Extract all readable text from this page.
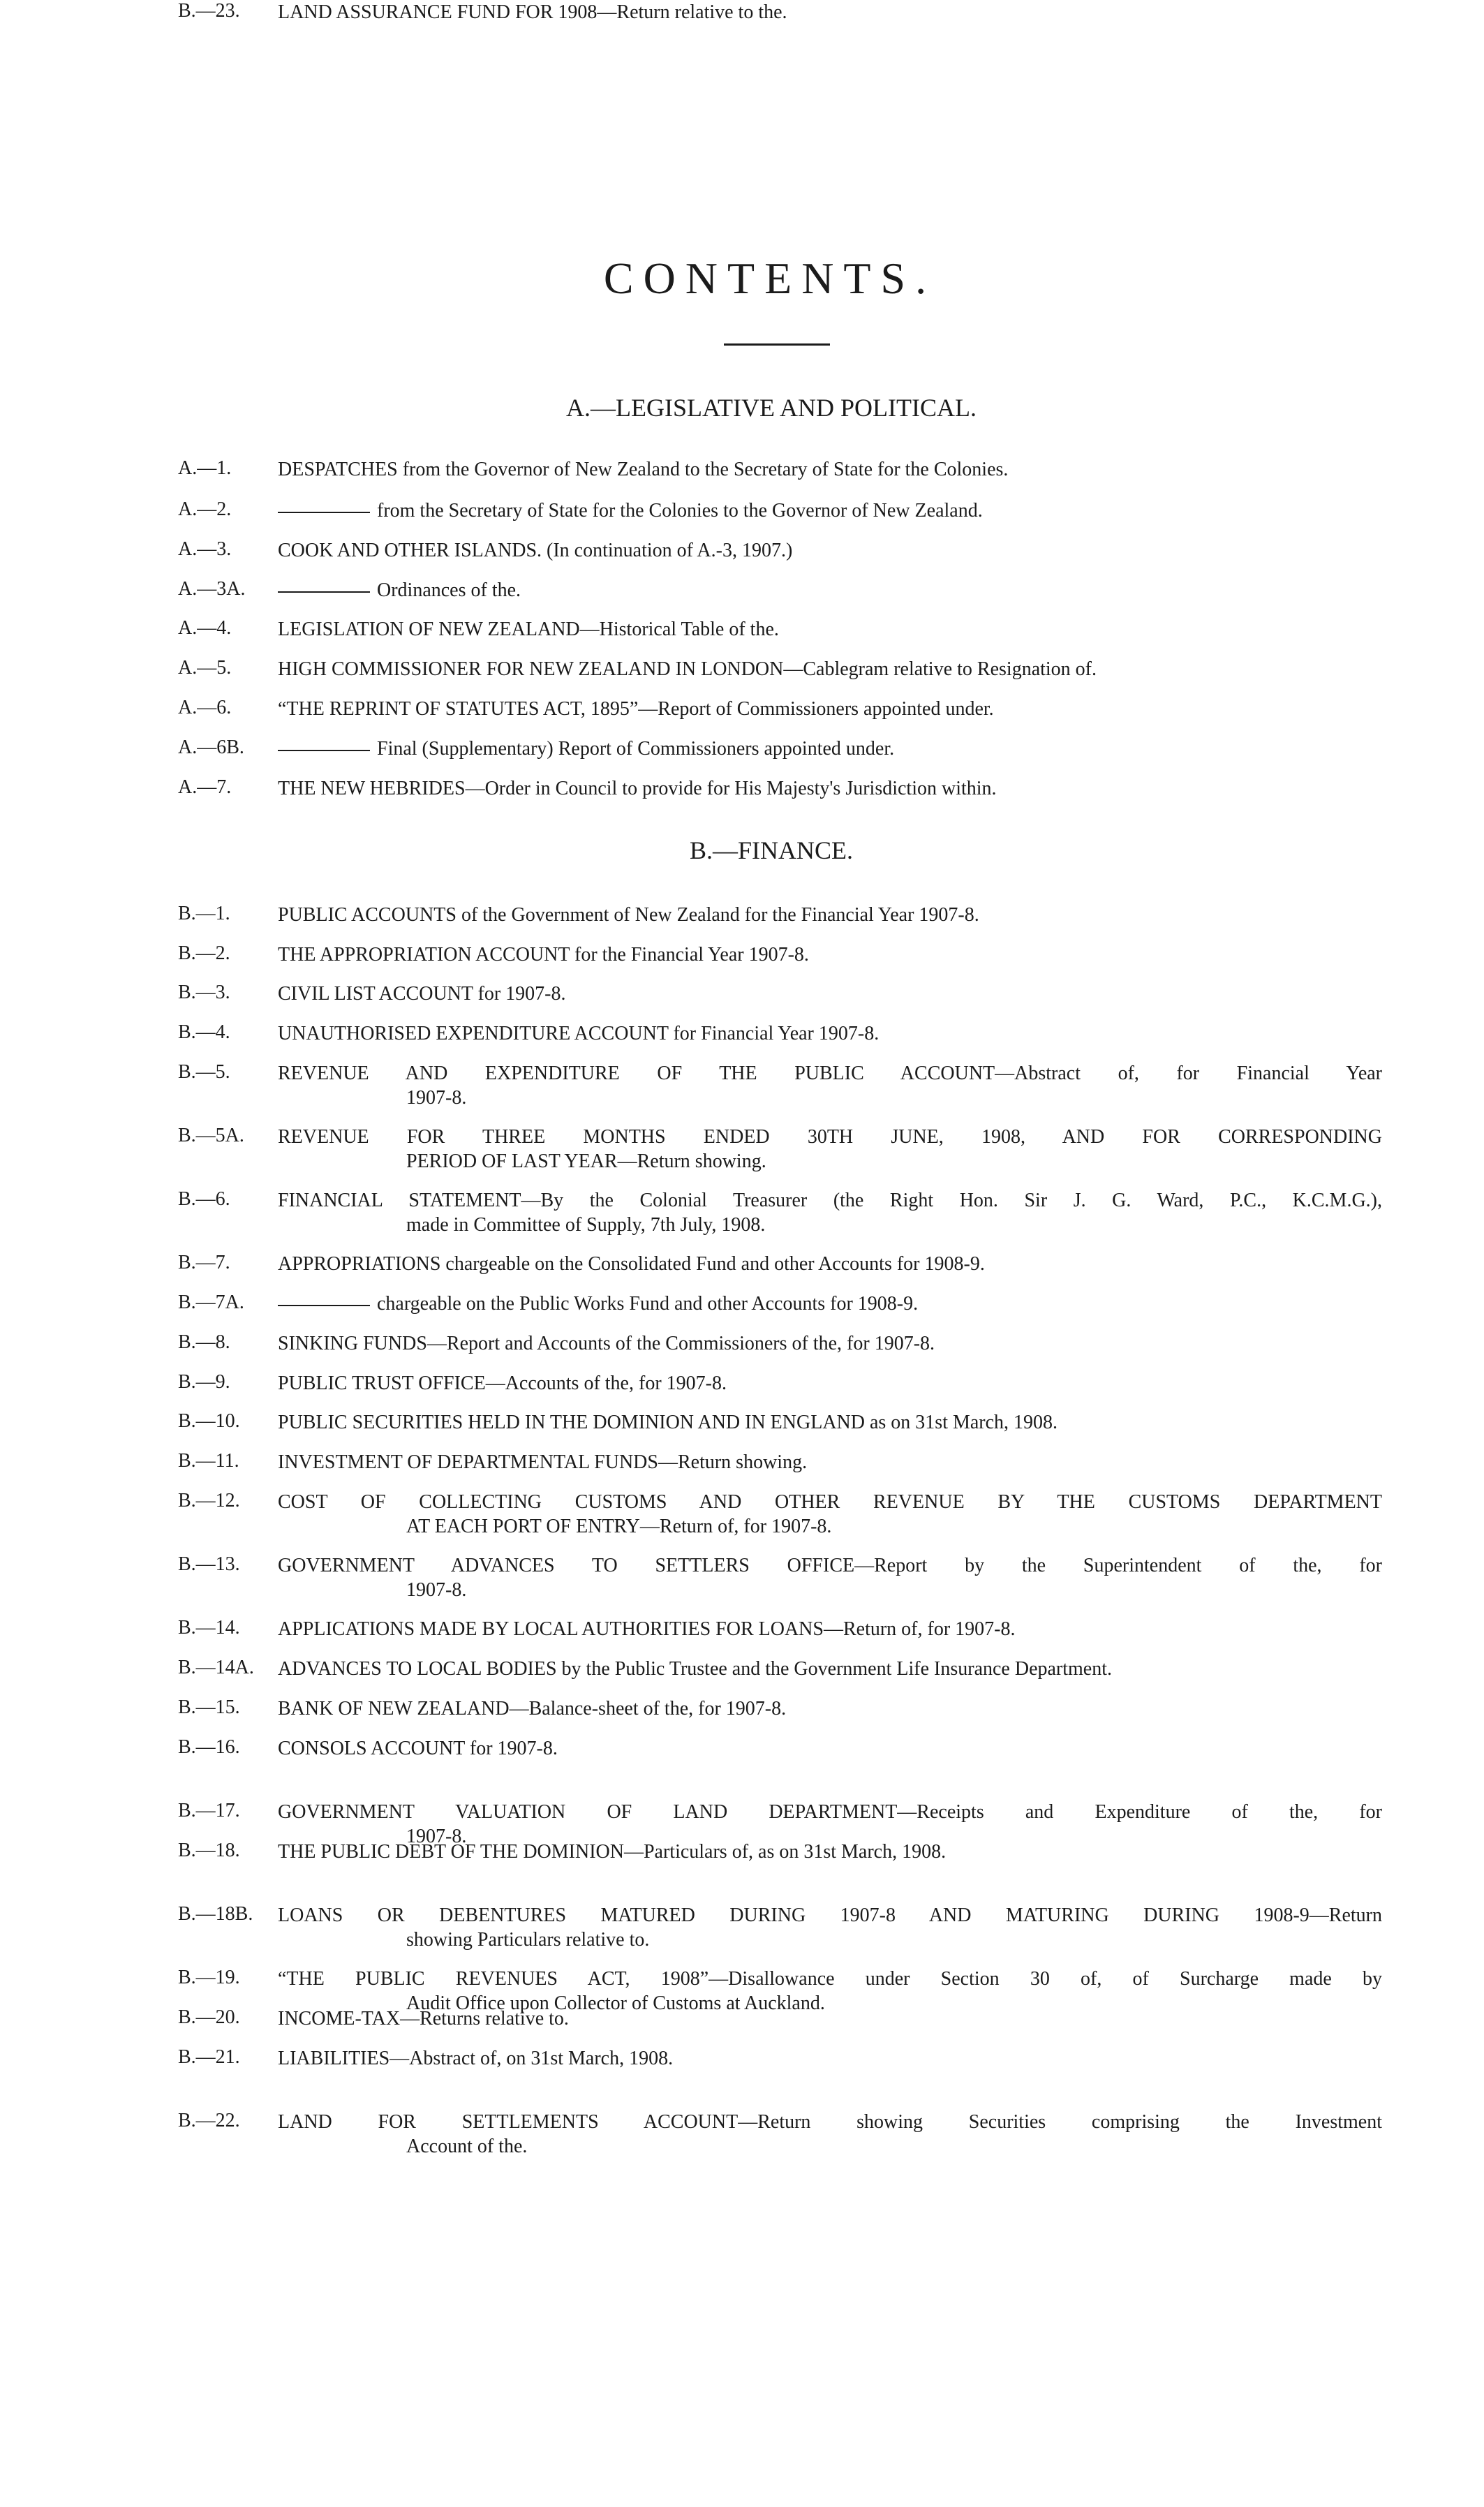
CONTENTS.
A.—LEGISLATIVE AND POLITICAL.
B.—FINANCE.
A.—1. DESPATCHES from the Governor of New Zealand to the Secretary of State for the Colonies.
A.—2.	from the Secretary of State for the Colonies to the Governor of New Zealand.
A.—3. COOK AND OTHER ISLANDS. (In continuation of A.-3, 1907.)
A.—3A.	Ordinances of the.
A.—4. LEGISLATION OF NEW ZEALAND—Historical Table of the.
A.—5. HIGH COMMISSIONER FOR NEW ZEALAND IN LONDON—Cablegram relative to Resignation of.
A.—6. “THE REPRINT OF STATUTES ACT, 1895”—Report of Commissioners appointed under.
A.—6B.	Final (Supplementary) Report of Commissioners appointed under.
A.—7. THE NEW HEBRIDES—Order in Council to provide for His Majesty's Jurisdiction within.
B.—1. PUBLIC ACCOUNTS of the Government of New Zealand for the Financial Year 1907-8.
B.—2. THE APPROPRIATION ACCOUNT for the Financial Year 1907-8.
B.—3. CIVIL LIST ACCOUNT for 1907-8.
B.—4. UNAUTHORISED EXPENDITURE ACCOUNT for Financial Year 1907-8.
B.—5. REVENUE AND EXPENDITURE OF THE PUBLIC ACCOUNT—Abstract of, for Financial Year
1907-8.
B.—5A. REVENUE FOR THREE MONTHS ENDED 30TH JUNE, 1908, AND FOR CORRESPONDING
PERIOD OF LAST YEAR—Return showing.
B.—6. FINANCIAL STATEMENT—By the Colonial Treasurer (the Right Hon. Sir J. G. Ward, P.C., K.C.M.G.),
made in Committee of Supply, 7th July, 1908.
B.—7. APPROPRIATIONS chargeable on the Consolidated Fund and other Accounts for 1908-9.
B.—7A.	chargeable on the Public Works Fund and other Accounts for 1908-9.
B.—8. SINKING FUNDS—Report and Accounts of the Commissioners of the, for 1907-8.
B.—9. PUBLIC TRUST OFFICE—Accounts of the, for 1907-8.
B.—10. PUBLIC SECURITIES HELD IN THE DOMINION AND IN ENGLAND as on 31st March, 1908.
B.—11. INVESTMENT OF DEPARTMENTAL FUNDS—Return showing.
B.—12. COST OF COLLECTING CUSTOMS AND OTHER REVENUE BY THE CUSTOMS DEPARTMENT
AT EACH PORT OF ENTRY—Return of, for 1907-8.
B.—13. GOVERNMENT ADVANCES TO SETTLERS OFFICE—Report by the Superintendent of the, for
1907-8.
B.—14. APPLICATIONS MADE BY LOCAL AUTHORITIES FOR LOANS—Return of, for 1907-8.
B.—14A. ADVANCES TO LOCAL BODIES by the Public Trustee and the Government Life Insurance Department.
B.—15. BANK OF NEW ZEALAND—Balance-sheet of the, for 1907-8.
B.—16. CONSOLS ACCOUNT for 1907-8.
B.—17. GOVERNMENT VALUATION OF LAND DEPARTMENT—Receipts and Expenditure of the, for
1907-8.
B.—18. THE PUBLIC DEBT OF THE DOMINION—Particulars of, as on 31st March, 1908.
B.—18B. LOANS OR DEBENTURES MATURED DURING 1907-8 AND MATURING DURING 1908-9—Return
showing Particulars relative to.
B.—19. “THE PUBLIC REVENUES ACT, 1908”—Disallowance under Section 30 of, of Surcharge made by
Audit Office upon Collector of Customs at Auckland.
B.—20. INCOME-TAX—Returns relative to.
B.—21. LIABILITIES—Abstract of, on 31st March, 1908.
B.—22. LAND FOR SETTLEMENTS ACCOUNT—Return showing Securities comprising the Investment
Account of the.
B.—23. LAND ASSURANCE FUND FOR 1908—Return relative to the.
